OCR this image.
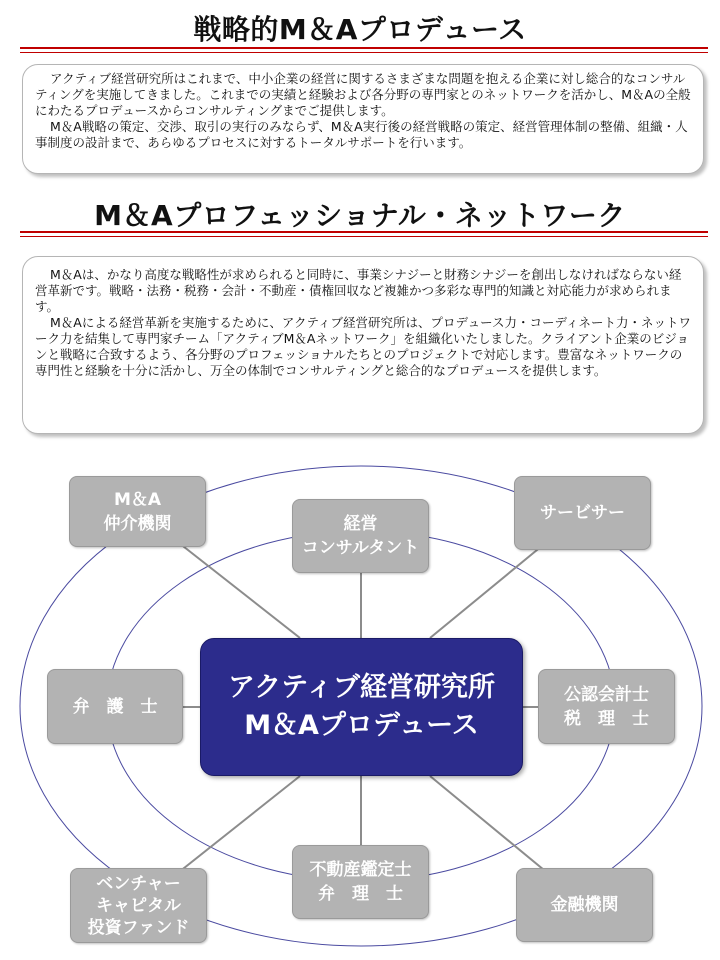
戦略的M＆Aプロデュース

アクティブ経営研究所はこれまで、中小企業の経営に関するさまざまな問題を抱える企業に対し総合的なコンサルティングを実施してきました。これまでの実績と経験および各分野の専門家とのネットワークを活かし、M＆Aの全般にわたるプロデュースからコンサルティングまでご提供します。

M＆A戦略の策定、交渉、取引の実行のみならず、M＆A実行後の経営戦略の策定、経営管理体制の整備、組織・人事制度の設計まで、あらゆるプロセスに対するトータルサポートを行います。

M＆Aプロフェッショナル・ネットワーク

M＆Aは、かなり高度な戦略性が求められると同時に、事業シナジーと財務シナジーを創出しなければならない経営革新です。戦略・法務・税務・会計・不動産・債権回収など複雑かつ多彩な専門的知識と対応能力が求められます。

M＆Aによる経営革新を実施するために、アクティブ経営研究所は、プロデュース力・コーディネート力・ネットワーク力を結集して専門家チーム「アクティブM＆Aネットワーク」を組織化いたしました。クライアント企業のビジョンと戦略に合致するよう、各分野のプロフェッショナルたちとのプロジェクトで対応します。豊富なネットワークの専門性と経験を十分に活かし、万全の体制でコンサルティングと総合的なプロデュースを提供します。

M＆A
仲介機関	経営
コンサルタント
サービサー
弁　護　士
公認会計士
税　理　士
ベンチャー
キャピタル
投資ファンド
不動産鑑定士
弁　理　士
金融機関
アクティブ経営研究所
M＆Aプロデュース
